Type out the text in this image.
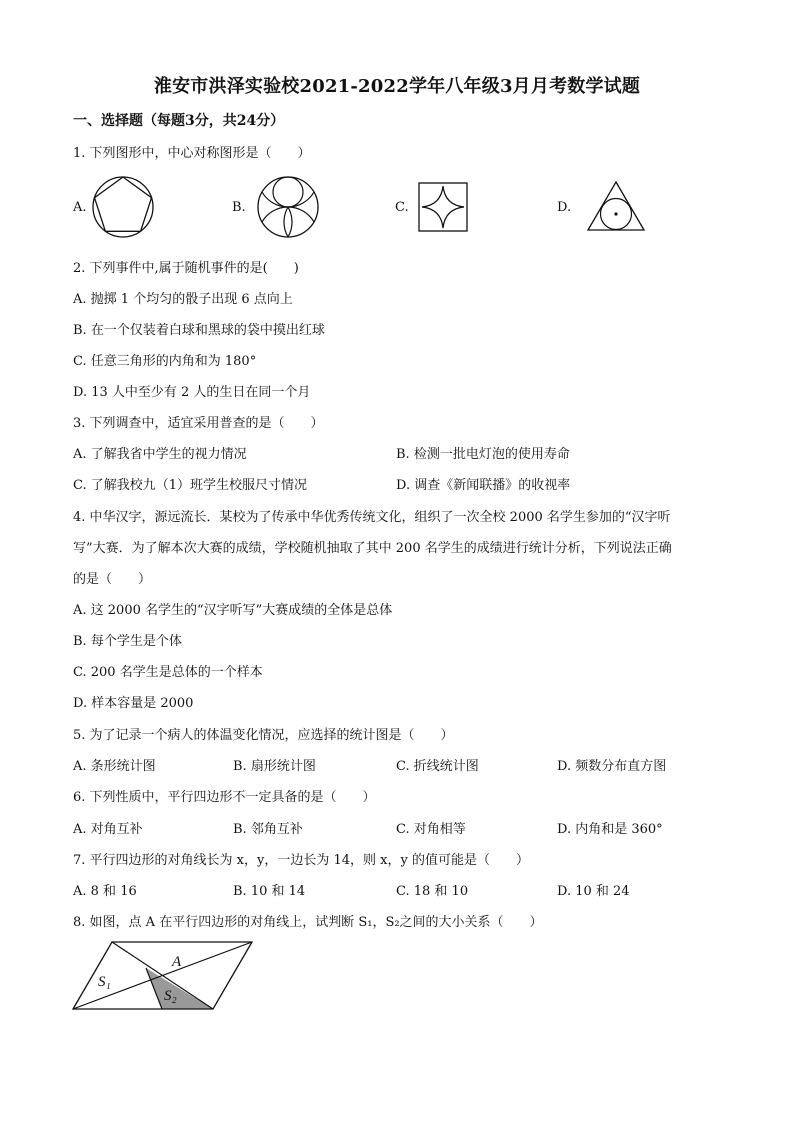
淮安市洪泽实验校2021-2022学年八年级3月月考数学试题
一、选择题（每题3分，共24分）
1. 下列图形中，中心对称图形是（　　）
A.	B.	C.	D.
2. 下列事件中,属于随机事件的是(　　)
A. 抛掷 1 个均匀的骰子出现 6 点向上
B. 在一个仅装着白球和黑球的袋中摸出红球
C. 任意三角形的内角和为 180°
D. 13 人中至少有 2 人的生日在同一个月
3. 下列调查中，适宜采用普查的是（　　）
A. 了解我省中学生的视力情况	B. 检测一批电灯泡的使用寿命
C. 了解我校九（1）班学生校服尺寸情况	D. 调查《新闻联播》的收视率
4. 中华汉字，源远流长．某校为了传承中华优秀传统文化，组织了一次全校 2000 名学生参加的“汉字听
写”大赛．为了解本次大赛的成绩，学校随机抽取了其中 200 名学生的成绩进行统计分析，下列说法正确
的是（　　）
A. 这 2000 名学生的“汉字听写”大赛成绩的全体是总体
B. 每个学生是个体
C. 200 名学生是总体的一个样本
D. 样本容量是 2000
5. 为了记录一个病人的体温变化情况，应选择的统计图是（　　）
A. 条形统计图	B. 扇形统计图	C. 折线统计图	D. 频数分布直方图
6. 下列性质中，平行四边形不一定具备的是（　　）
A. 对角互补	B. 邻角互补	C. 对角相等	D. 内角和是 360°
7. 平行四边形的对角线长为 x，y，一边长为 14，则 x，y 的值可能是（　　）
A. 8 和 16	B. 10 和 14	C. 18 和 10	D. 10 和 24
8. 如图，点 A 在平行四边形的对角线上，试判断 S₁，S₂之间的大小关系（　　）
A
S₁
S₂
